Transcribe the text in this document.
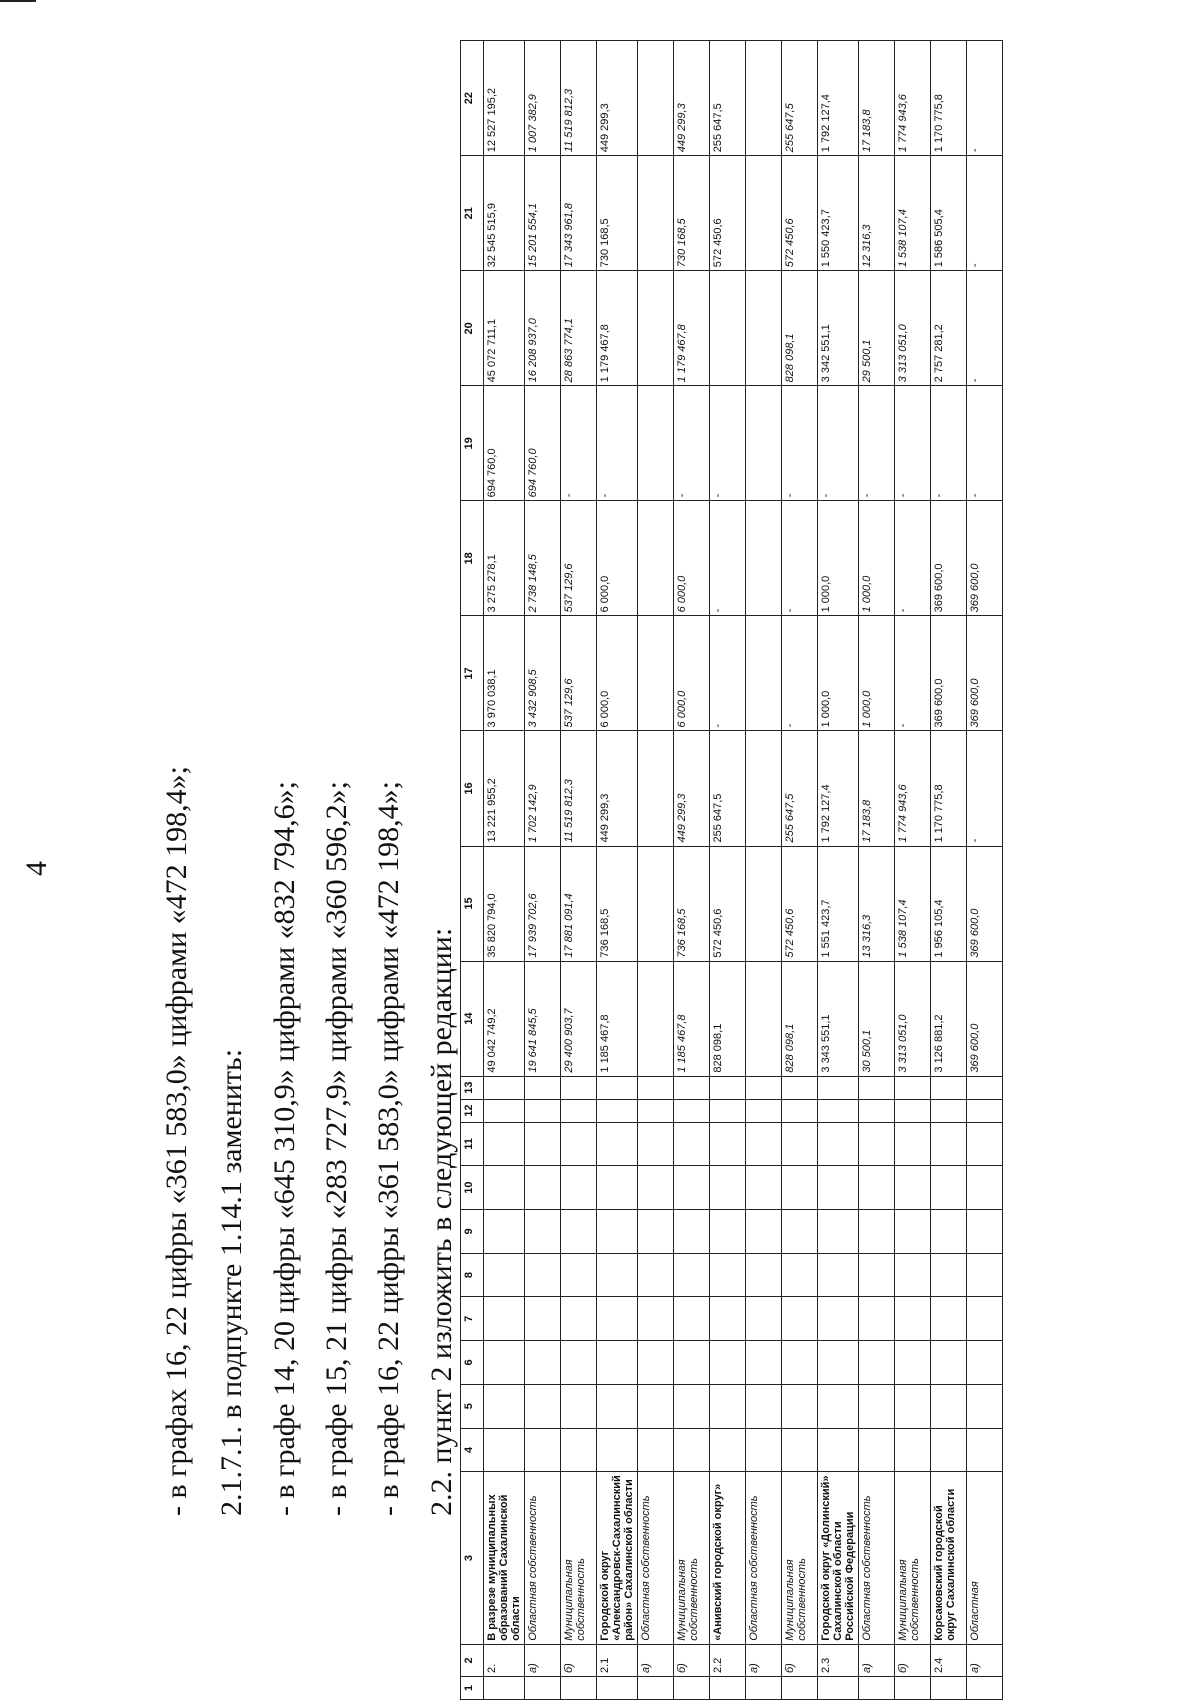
4	- в графах 16, 22 цифры «361 583,0» цифрами «472 198,4»; 2.1.7.1. в подпункте 1.14.1 заменить: - в графе 14, 20 цифры «645 310,9» цифрами «832 794,6»; - в графе 15, 21 цифры «283 727,9» цифрами «360 596,2»; - в графе 16, 22 цифры «361 583,0» цифрами «472 198,4»; 2.2. пункт 2 изложить в следующей редакции:
1	2	3	4	5	6	7	8	9	10	11	12	13	14	15	16	17	18	19	20	21	22
	2.	В разрезе муниципальных образований Сахалинской области											49 042 749,2	35 820 794,0	13 221 955,2	3 970 038,1	3 275 278,1	694 760,0	45 072 711,1	32 545 515,9	12 527 195,2
	а)	Областная собственность											19 641 845,5	17 939 702,6	1 702 142,9	3 432 908,5	2 738 148,5	694 760,0	16 208 937,0	15 201 554,1	1 007 382,9
	б)	Муниципальная собственность											29 400 903,7	17 881 091,4	11 519 812,3	537 129,6	537 129,6	-	28 863 774,1	17 343 961,8	11 519 812,3
	2.1	Городской округ «Александровск-Сахалинский район» Сахалинской области											1 185 467,8	736 168,5	449 299,3	6 000,0	6 000,0	-	1 179 467,8	730 168,5	449 299,3
	а)	Областная собственность																			
	б)	Муниципальная собственность											1 185 467,8	736 168,5	449 299,3	6 000,0	6 000,0	-	1 179 467,8	730 168,5	449 299,3
	2.2	«Анивский городской округ»											828 098,1	572 450,6	255 647,5	-	-	-		572 450,6	255 647,5
	а)	Областная собственность																			
	б)	Муниципальная собственность											828 098,1	572 450,6	255 647,5	-	-	-	828 098,1	572 450,6	255 647,5
	2.3	Городской округ «Долинский» Сахалинской области Российской Федерации											3 343 551,1	1 551 423,7	1 792 127,4	1 000,0	1 000,0	-	3 342 551,1	1 550 423,7	1 792 127,4
	а)	Областная собственность											30 500,1	13 316,3	17 183,8	1 000,0	1 000,0	-	29 500,1	12 316,3	17 183,8
	б)	Муниципальная собственность											3 313 051,0	1 538 107,4	1 774 943,6	-	-	-	3 313 051,0	1 538 107,4	1 774 943,6
	2.4	Корсаковский городской округ Сахалинской области											3 126 881,2	1 956 105,4	1 170 775,8	369 600,0	369 600,0	-	2 757 281,2	1 586 505,4	1 170 775,8
	а)	Областная											369 600,0	369 600,0	-	369 600,0	369 600,0	-	-	-	-
